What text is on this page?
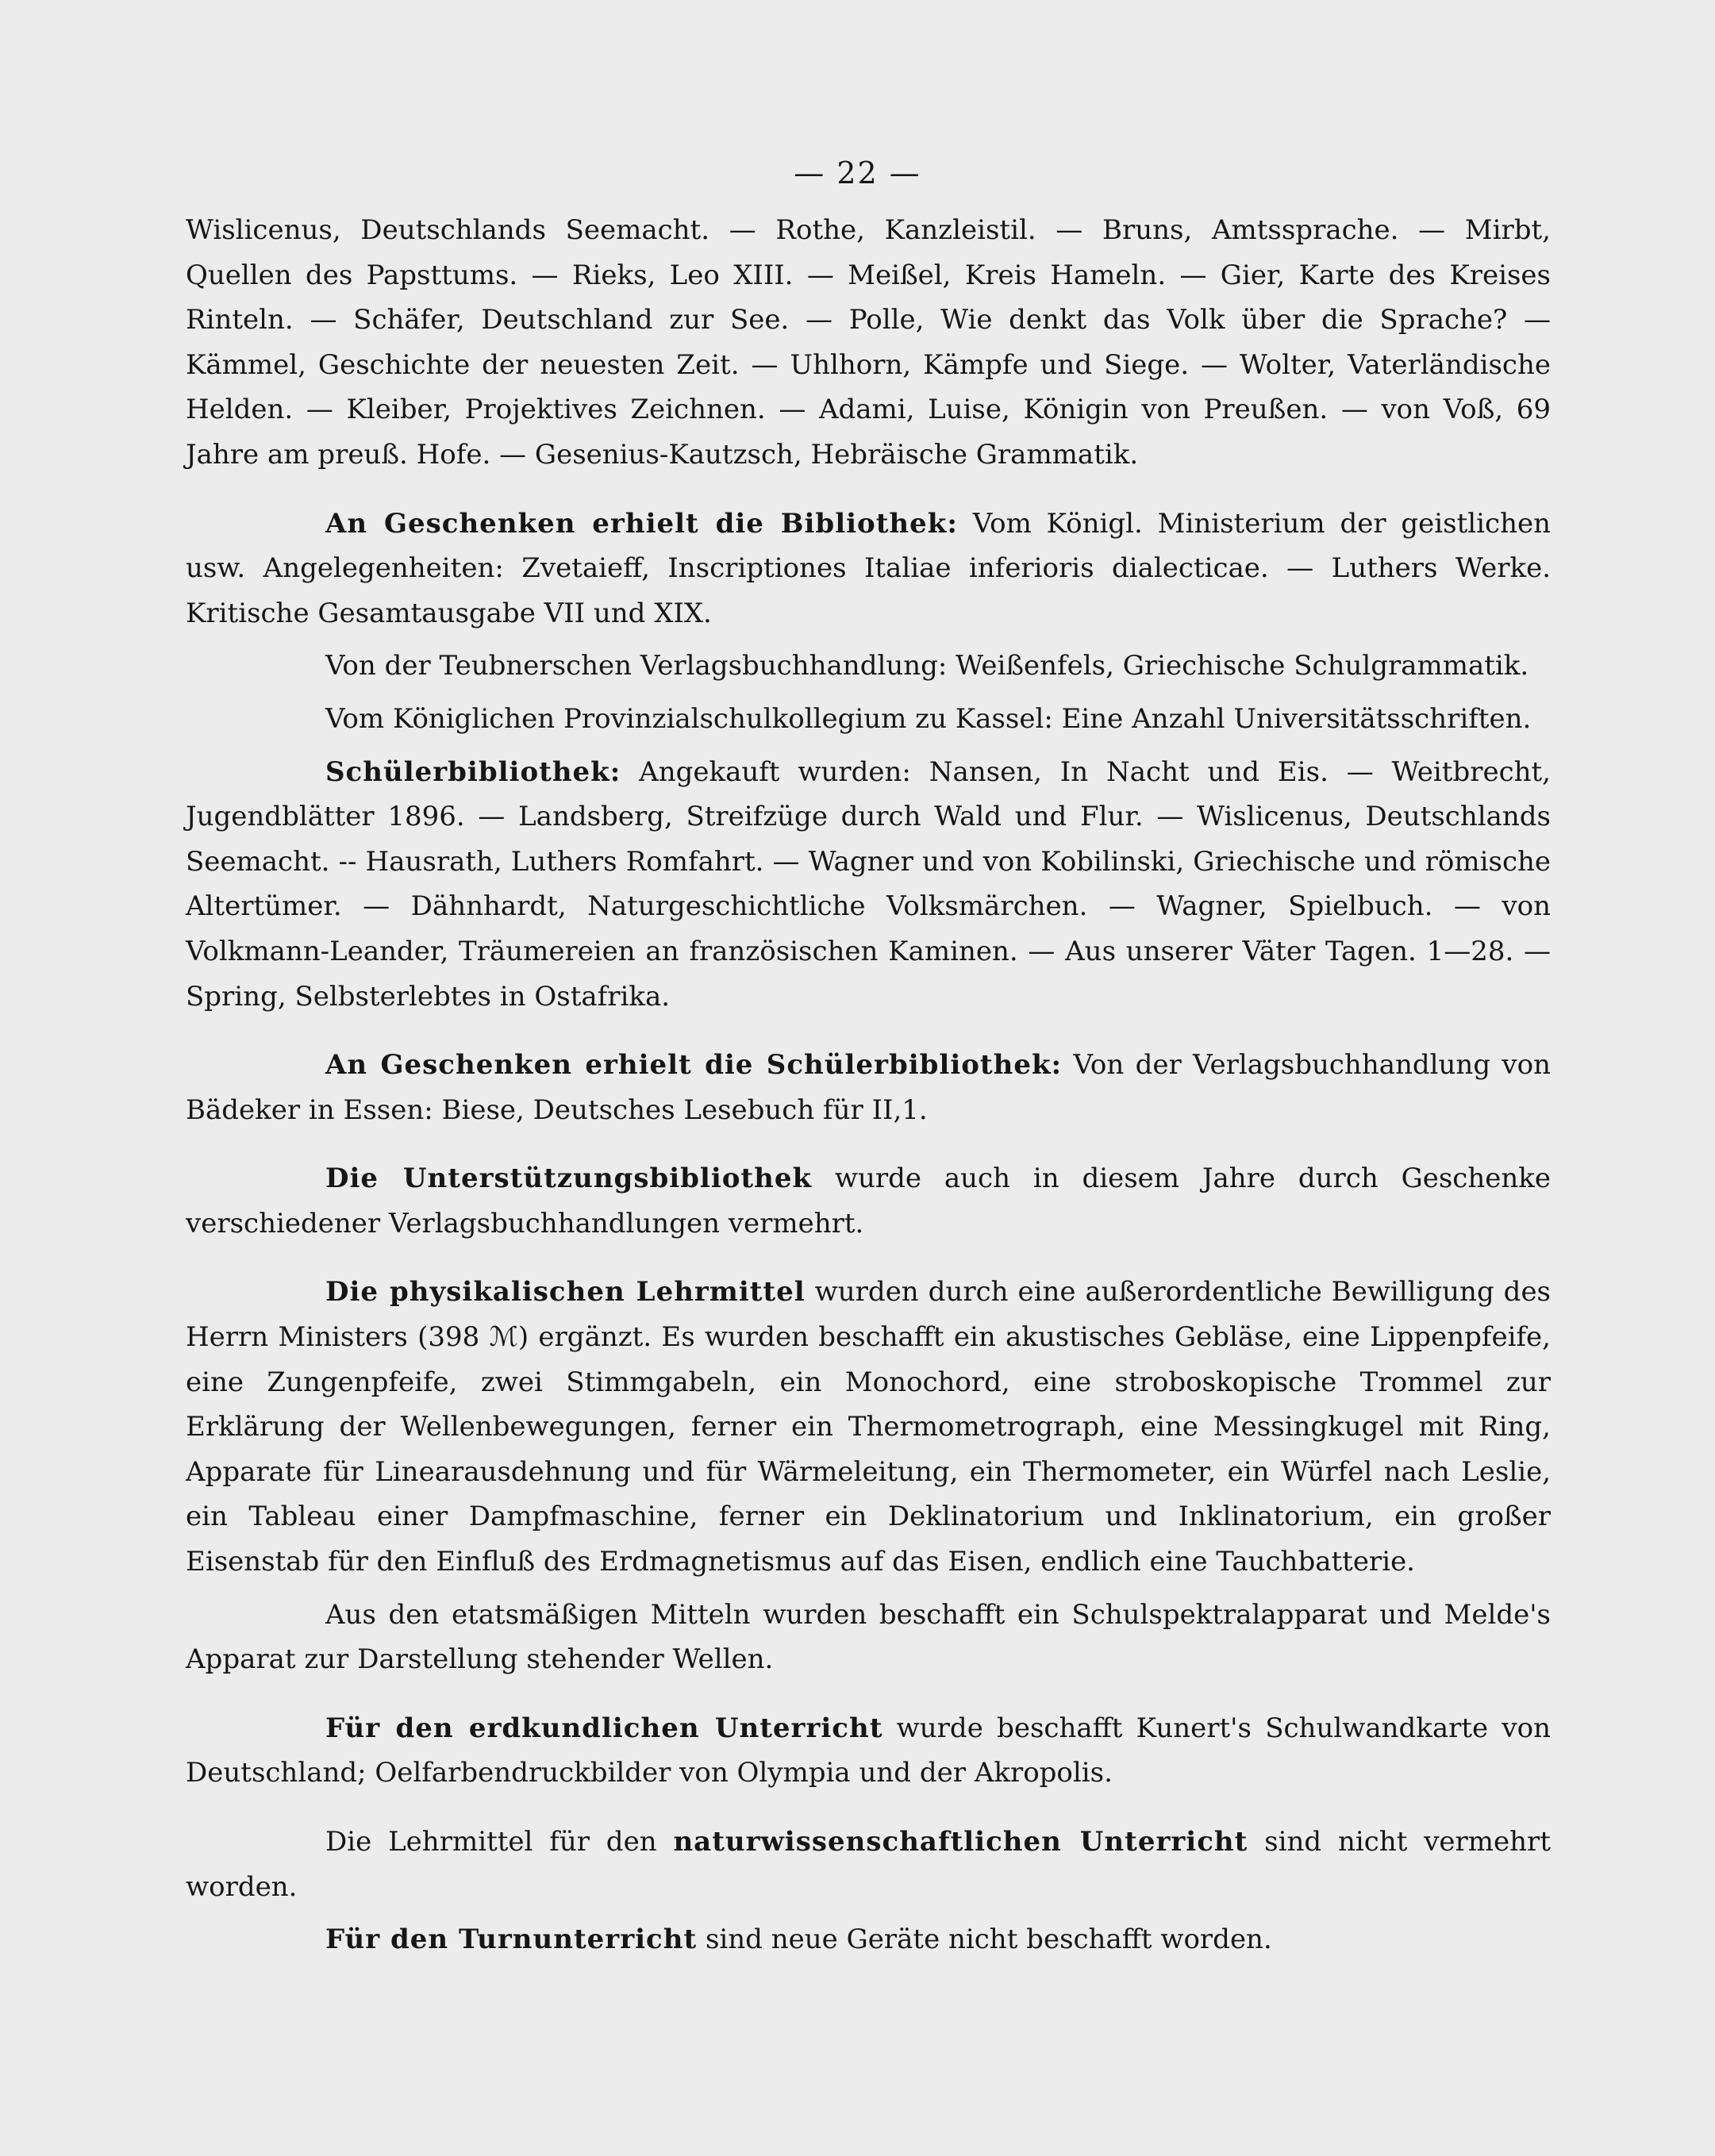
— 22 —

Wislicenus, Deutschlands Seemacht. — Rothe, Kanzleistil. — Bruns, Amtssprache. — Mirbt, Quellen des Papsttums. — Rieks, Leo XIII. — Meißel, Kreis Hameln. — Gier, Karte des Kreises Rinteln. — Schäfer, Deutschland zur See. — Polle, Wie denkt das Volk über die Sprache? — Kämmel, Geschichte der neuesten Zeit. — Uhlhorn, Kämpfe und Siege. — Wolter, Vaterländische Helden. — Kleiber, Projektives Zeichnen. — Adami, Luise, Königin von Preußen. — von Voß, 69 Jahre am preuß. Hofe. — Gesenius-Kautzsch, Hebräische Grammatik.

An Geschenken erhielt die Bibliothek: Vom Königl. Ministerium der geistlichen usw. Angelegenheiten: Zvetaieff, Inscriptiones Italiae inferioris dialecticae. — Luthers Werke. Kritische Gesamtausgabe VII und XIX.

Von der Teubnerschen Verlagsbuchhandlung: Weißenfels, Griechische Schulgrammatik.

Vom Königlichen Provinzialschulkollegium zu Kassel: Eine Anzahl Universitätsschriften.

Schülerbibliothek: Angekauft wurden: Nansen, In Nacht und Eis. — Weitbrecht, Jugendblätter 1896. — Landsberg, Streifzüge durch Wald und Flur. — Wislicenus, Deutschlands Seemacht. -- Hausrath, Luthers Romfahrt. — Wagner und von Kobilinski, Griechische und römische Altertümer. — Dähnhardt, Naturgeschichtliche Volksmärchen. — Wagner, Spielbuch. — von Volkmann-Leander, Träumereien an französischen Kaminen. — Aus unserer Väter Tagen. 1—28. — Spring, Selbsterlebtes in Ostafrika.

An Geschenken erhielt die Schülerbibliothek: Von der Verlagsbuchhandlung von Bädeker in Essen: Biese, Deutsches Lesebuch für II,1.

Die Unterstützungsbibliothek wurde auch in diesem Jahre durch Geschenke verschiedener Verlagsbuchhandlungen vermehrt.

Die physikalischen Lehrmittel wurden durch eine außerordentliche Bewilligung des Herrn Ministers (398 ℳ) ergänzt. Es wurden beschafft ein akustisches Gebläse, eine Lippenpfeife, eine Zungenpfeife, zwei Stimmgabeln, ein Monochord, eine stroboskopische Trommel zur Erklärung der Wellenbewegungen, ferner ein Thermometrograph, eine Messingkugel mit Ring, Apparate für Linearausdehnung und für Wärmeleitung, ein Thermometer, ein Würfel nach Leslie, ein Tableau einer Dampfmaschine, ferner ein Deklinatorium und Inklinatorium, ein großer Eisenstab für den Einfluß des Erdmagnetismus auf das Eisen, endlich eine Tauchbatterie.

Aus den etatsmäßigen Mitteln wurden beschafft ein Schulspektralapparat und Melde's Apparat zur Darstellung stehender Wellen.

Für den erdkundlichen Unterricht wurde beschafft Kunert's Schulwandkarte von Deutschland; Oelfarbendruckbilder von Olympia und der Akropolis.

Die Lehrmittel für den naturwissenschaftlichen Unterricht sind nicht vermehrt worden.

Für den Turnunterricht sind neue Geräte nicht beschafft worden.
